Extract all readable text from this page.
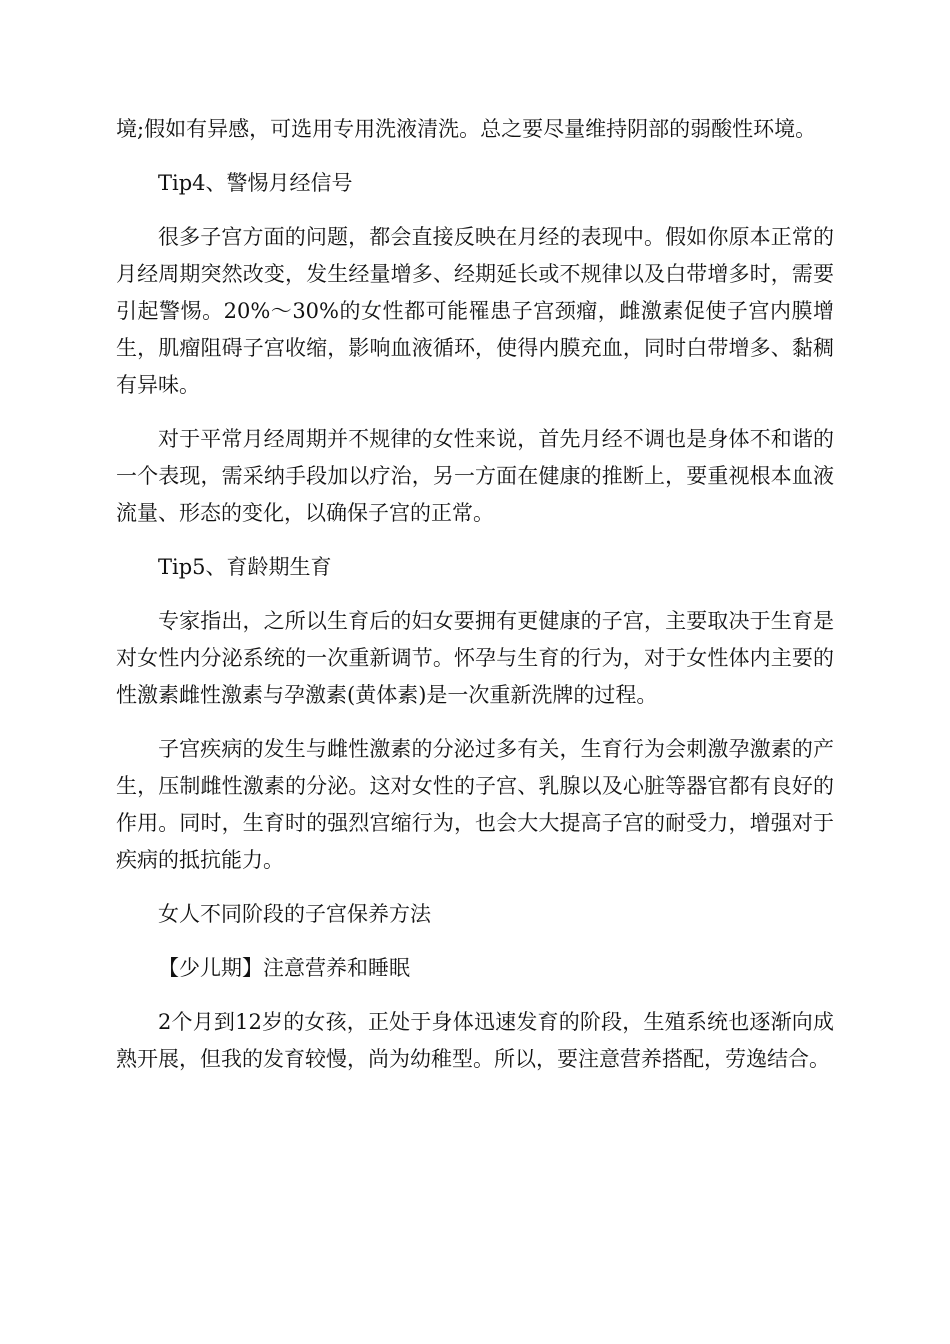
境;假如有异感，可选用专用洗液清洗。总之要尽量维持阴部的弱酸性环境。

Tip4、警惕月经信号

很多子宫方面的问题，都会直接反映在月经的表现中。假如你原本正常的月经周期突然改变，发生经量增多、经期延长或不规律以及白带增多时，需要引起警惕。20%～30%的女性都可能罹患子宫颈瘤，雌激素促使子宫内膜增生，肌瘤阻碍子宫收缩，影响血液循环，使得内膜充血，同时白带增多、黏稠有异味。

对于平常月经周期并不规律的女性来说，首先月经不调也是身体不和谐的一个表现，需采纳手段加以疗治，另一方面在健康的推断上，要重视根本血液流量、形态的变化，以确保子宫的正常。

Tip5、育龄期生育

专家指出，之所以生育后的妇女要拥有更健康的子宫，主要取决于生育是对女性内分泌系统的一次重新调节。怀孕与生育的行为，对于女性体内主要的性激素雌性激素与孕激素(黄体素)是一次重新洗牌的过程。

子宫疾病的发生与雌性激素的分泌过多有关，生育行为会刺激孕激素的产生，压制雌性激素的分泌。这对女性的子宫、乳腺以及心脏等器官都有良好的作用。同时，生育时的强烈宫缩行为，也会大大提高子宫的耐受力，增强对于疾病的抵抗能力。

女人不同阶段的子宫保养方法

【少儿期】注意营养和睡眠

2个月到12岁的女孩，正处于身体迅速发育的阶段，生殖系统也逐渐向成熟开展，但我的发育较慢，尚为幼稚型。所以，要注意营养搭配，劳逸结合。
